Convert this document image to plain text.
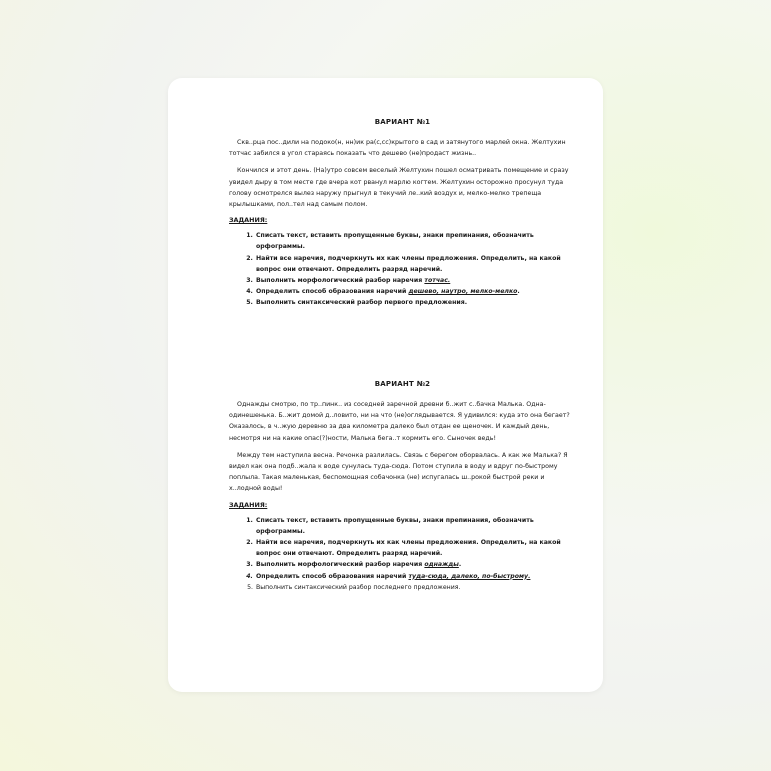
ВАРИАНТ №1

Скв..рца пос..дили на подоко(н, нн)ик ра(с,сс)крытого в сад и затянутого марлей окна. Желтухин тотчас забился в угол стараясь показать что дешево (не)продаст жизнь..

Кончился и этот день. (На)утро совсем веселый Желтухин пошел осматривать помещение и сразу увидел дыру в том месте где вчера кот рванул марлю когтем. Желтухин осторожно просунул туда голову осмотрелся вылез наружу прыгнул в текучий ле..кий воздух и, мелко-мелко трепеща крылышками, пол..тел над самым полом.

ЗАДАНИЯ:
1. Списать текст, вставить пропущенные буквы, знаки препинания, обозначить орфограммы.
2. Найти все наречия, подчеркнуть их как члены предложения. Определить, на какой вопрос они отвечают. Определить разряд наречий.
3. Выполнить морфологический разбор наречия тотчас.
4. Определить способ образования наречий дешево, наутро, мелко-мелко.
5. Выполнить синтаксический разбор первого предложения.
ВАРИАНТ №2

Однажды смотрю, по тр..пинк.. из соседней заречной древни б..жит с..бачка Малька. Одна-одинешенька. Б..жит домой д..ловито, ни на что (не)оглядывается. Я удивился: куда это она бегает? Оказалось, в ч..жую деревню за два километра далеко был отдан ее щеночек. И каждый день, несмотря ни на какие опас(?)ности, Малька бега..т кормить его. Сыночек ведь!

Между тем наступила весна. Речонка разлилась. Связь с берегом оборвалась. А как же Малька? Я видел как она подб..жала к воде сунулась туда-сюда. Потом ступила в воду и вдруг по-быстрому поплыла. Такая маленькая, беспомощная собачонка (не) испугалась ш..рокой быстрой реки и х..лодной воды!

ЗАДАНИЯ:
1. Списать текст, вставить пропущенные буквы, знаки препинания, обозначить орфограммы.
2. Найти все наречия, подчеркнуть их как члены предложения. Определить, на какой вопрос они отвечают. Определить разряд наречий.
3. Выполнить морфологический разбор наречия однажды.
4. Определить способ образования наречий туда-сюда, далеко, по-быстрому.
5. Выполнить синтаксический разбор последнего предложения.
